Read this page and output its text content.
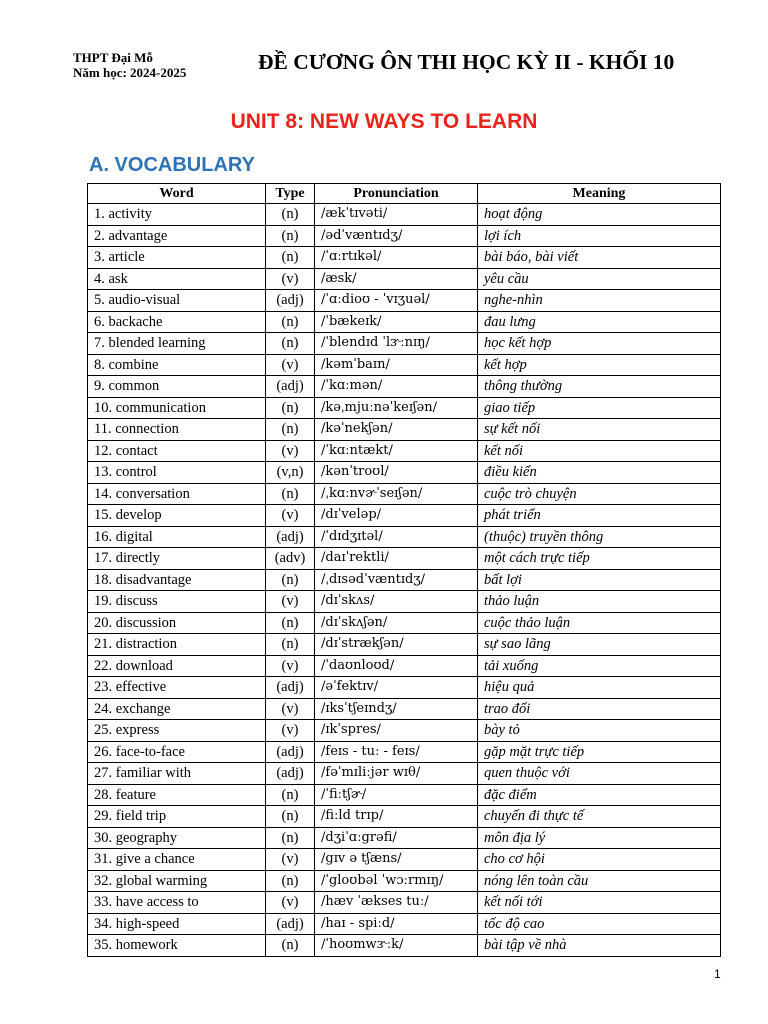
THPT Đại Mỗ
Năm học: 2024-2025	ĐỀ CƯƠNG ÔN THI HỌC KỲ II - KHỐI 10
UNIT 8: NEW WAYS TO LEARN
A. VOCABULARY
Word	Type	Pronunciation	Meaning
1. activity	(n)	/ækˈtɪvəti/	hoạt động
2. advantage	(n)	/ədˈvæntɪdʒ/	lợi ích
3. article	(n)	/ˈɑːrtɪkəl/	bài báo, bài viết
4. ask	(v)	/æsk/	yêu cầu
5. audio-visual	(adj)	/ˈɑːdioʊ - ˈvɪʒuəl/	nghe-nhìn
6. backache	(n)	/ˈbækeɪk/	đau lưng
7. blended learning	(n)	/ˈblendɪd ˈlɝːnɪŋ/	học kết hợp
8. combine	(v)	/kəmˈbaɪn/	kết hợp
9. common	(adj)	/ˈkɑːmən/	thông thường
10. communication	(n)	/kəˌmjuːnəˈkeɪʃən/	giao tiếp
11. connection	(n)	/kəˈnekʃən/	sự kết nối
12. contact	(v)	/ˈkɑːntækt/	kết nối
13. control	(v,n)	/kənˈtroʊl/	điều kiển
14. conversation	(n)	/ˌkɑːnvɚˈseɪʃən/	cuộc trò chuyện
15. develop	(v)	/dɪˈveləp/	phát triển
16. digital	(adj)	/ˈdɪdʒɪtəl/	(thuộc) truyền thông
17. directly	(adv)	/daɪˈrektli/	một cách trực tiếp
18. disadvantage	(n)	/ˌdɪsədˈvæntɪdʒ/	bất lợi
19. discuss	(v)	/dɪˈskʌs/	thảo luận
20. discussion	(n)	/dɪˈskʌʃən/	cuộc thảo luận
21. distraction	(n)	/dɪˈstrækʃən/	sự sao lãng
22. download	(v)	/ˈdaʊnloʊd/	tải xuống
23. effective	(adj)	/əˈfektɪv/	hiệu quả
24. exchange	(v)	/ɪksˈtʃeɪndʒ/	trao đổi
25. express	(v)	/ɪkˈspres/	bày tỏ
26. face-to-face	(adj)	/feɪs - tuː - feɪs/	gặp mặt trực tiếp
27. familiar with	(adj)	/fəˈmɪliːjər wɪθ/	quen thuộc với
28. feature	(n)	/ˈfiːtʃɚ/	đặc điểm
29. field trip	(n)	/fiːld trɪp/	chuyến đi thực tế
30. geography	(n)	/dʒiˈɑːgrəfi/	môn địa lý
31. give a chance	(v)	/gɪv ə tʃæns/	cho cơ hội
32. global warming	(n)	/ˈgloʊbəl ˈwɔːrmɪŋ/	nóng lên toàn cầu
33. have access to	(v)	/hæv ˈækses tuː/	kết nối tới
34. high-speed	(adj)	/haɪ - spiːd/	tốc độ cao
35. homework	(n)	/ˈhoʊmwɝːk/	bài tập về nhà
1
